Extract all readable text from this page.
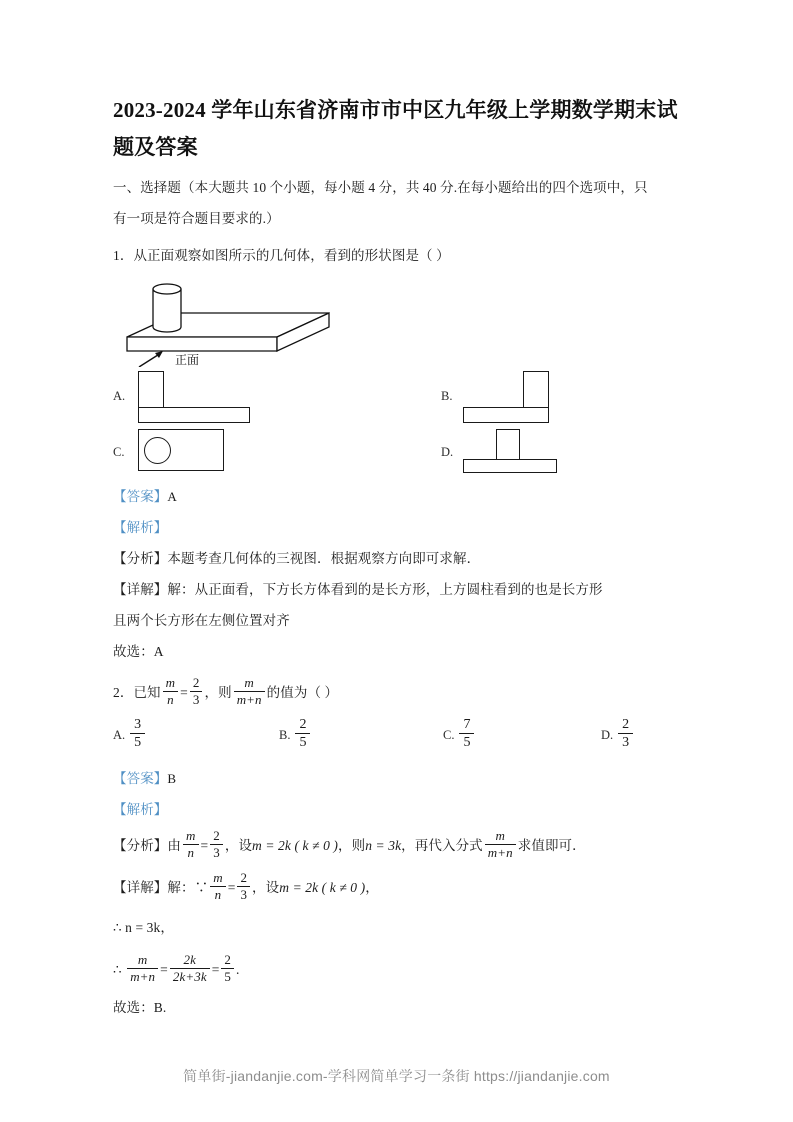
2023-2024 学年山东省济南市市中区九年级上学期数学期末试题及答案

一、选择题（本大题共 10 个小题，每小题 4 分，共 40 分.在每小题给出的四个选项中，只

有一项是符合题目要求的.）

1．从正面观察如图所示的几何体，看到的形状图是（ ）

正面
A.	B.
C.	D.

【答案】A

【解析】

【分析】本题考查几何体的三视图．根据观察方向即可求解．

【详解】解：从正面看，下方长方体看到的是长方形，上方圆柱看到的也是长方形

且两个长方形在左侧位置对齐

故选：A

2．已知 $\frac{m}{n} = \frac{2}{3}$ ，则 $\frac{m}{m+n}$ 的值为（ ）

A. $\frac{3}{5}$	B. $\frac{2}{5}$	C. $\frac{7}{5}$	D. $\frac{2}{3}$

【答案】B

【解析】

【分析】由 $\frac{m}{n} = \frac{2}{3}$ ，设m = 2k ( k ≠ 0 )，则n = 3k，再代入分式 $\frac{m}{m+n}$ 求值即可．

【详解】解：∵ $\frac{m}{n} = \frac{2}{3}$ ，设m = 2k ( k ≠ 0 )，

∴ n = 3k，

∴ $\frac{m}{m+n} = \frac{2k}{2k+3k} = \frac{2}{5}$ .

故选：B.

简单街-jiandanjie.com-学科网简单学习一条街 https://jiandanjie.com
